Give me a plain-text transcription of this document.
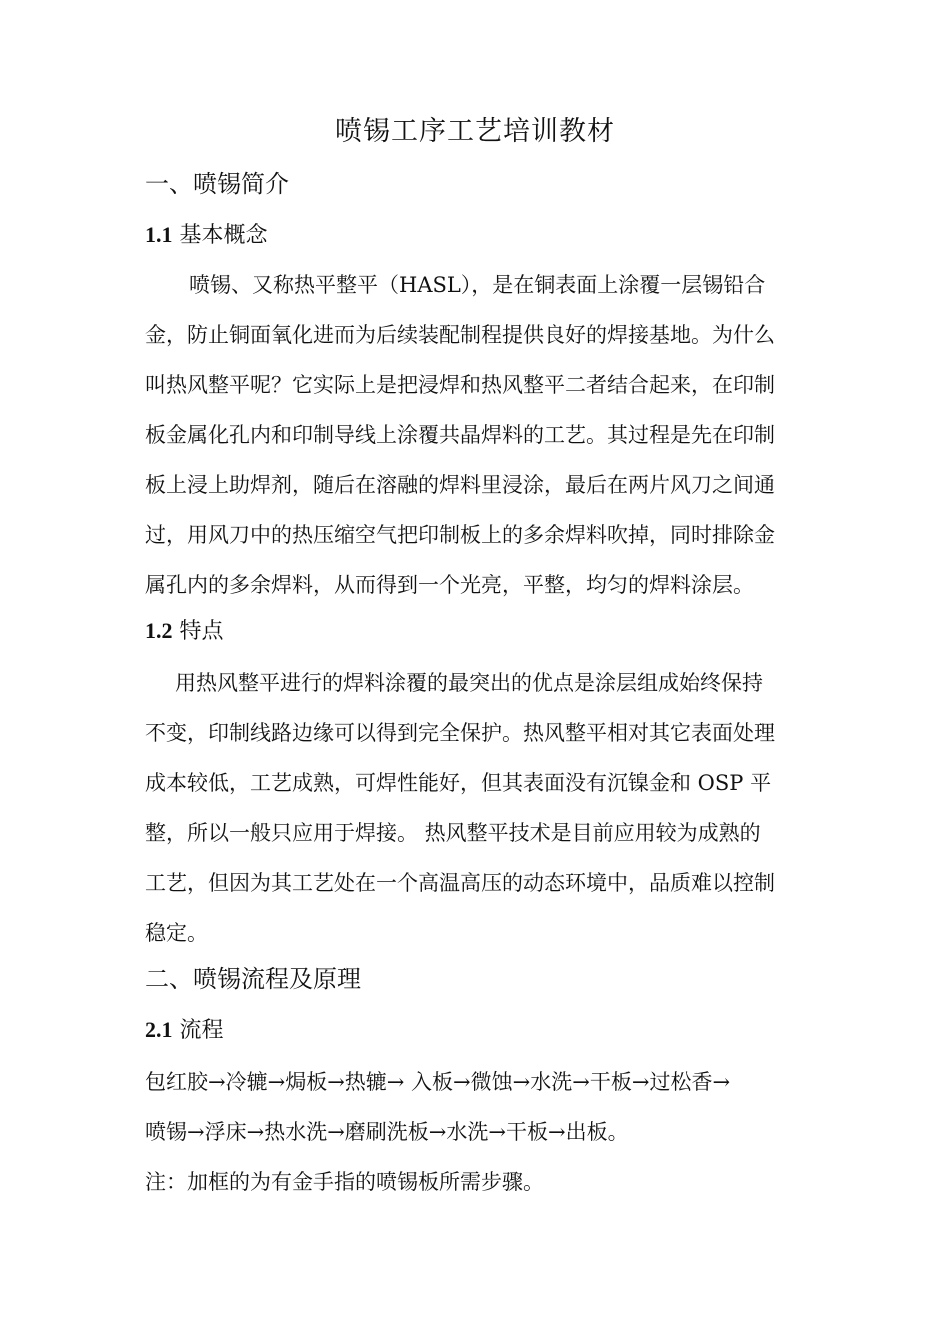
喷锡工序工艺培训教材
一、喷锡简介
1.1 基本概念
喷锡、又称热平整平（HASL），是在铜表面上涂覆一层锡铅合
金，防止铜面氧化进而为后续装配制程提供良好的焊接基地。为什么
叫热风整平呢？它实际上是把浸焊和热风整平二者结合起来，在印制
板金属化孔内和印制导线上涂覆共晶焊料的工艺。其过程是先在印制
板上浸上助焊剂，随后在溶融的焊料里浸涂，最后在两片风刀之间通
过，用风刀中的热压缩空气把印制板上的多余焊料吹掉，同时排除金
属孔内的多余焊料，从而得到一个光亮，平整，均匀的焊料涂层。
1.2 特点
用热风整平进行的焊料涂覆的最突出的优点是涂层组成始终保持
不变，印制线路边缘可以得到完全保护。热风整平相对其它表面处理
成本较低，工艺成熟，可焊性能好，但其表面没有沉镍金和 OSP 平
整，所以一般只应用于焊接。 热风整平技术是目前应用较为成熟的
工艺，但因为其工艺处在一个高温高压的动态环境中，品质难以控制
稳定。
二、喷锡流程及原理
2.1 流程
包红胶→冷辘→焗板→热辘→ 入板→微蚀→水洗→干板→过松香→
喷锡→浮床→热水洗→磨刷洗板→水洗→干板→出板。
注：加框的为有金手指的喷锡板所需步骤。
